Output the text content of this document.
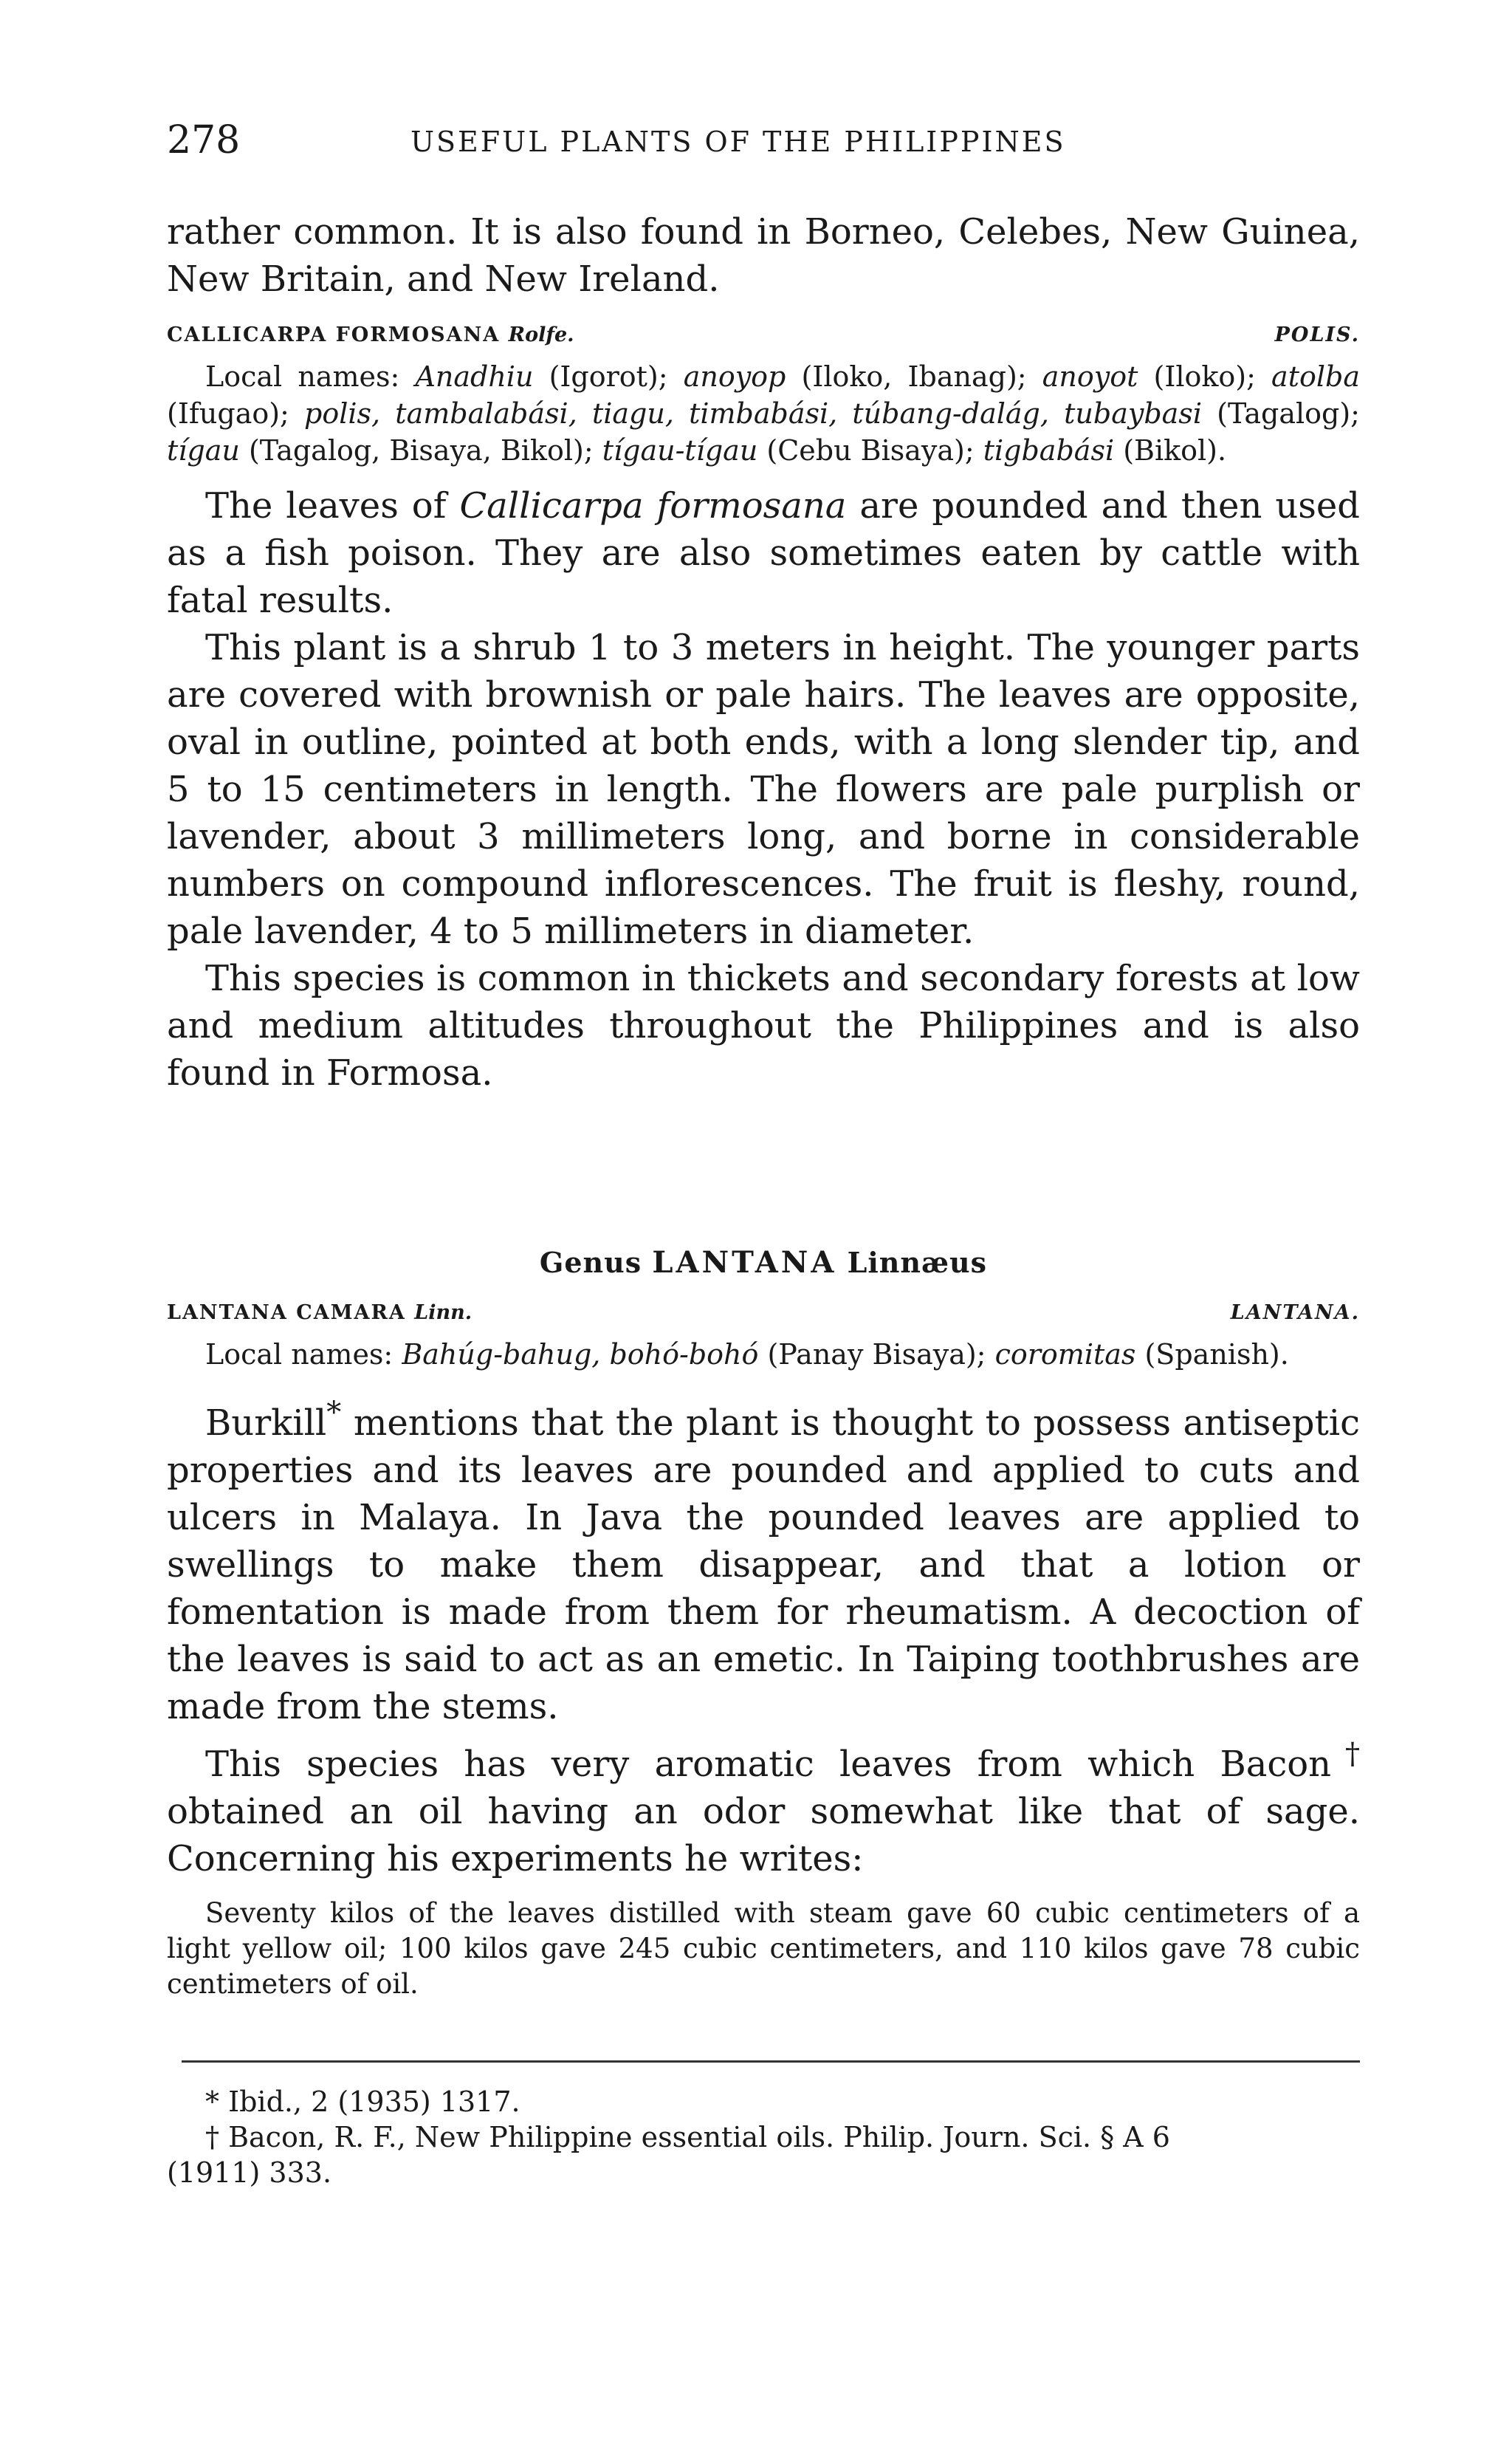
278	USEFUL PLANTS OF THE PHILIPPINES

rather common. It is also found in Borneo, Celebes, New Guinea, New Britain, and New Ireland.

CALLICARPA FORMOSANA Rolfe.	POLIS.

Local names: Anadhiu (Igorot); anoyop (Iloko, Ibanag); anoyot (Iloko); atolba (Ifugao); polis, tambalabási, tiagu, timbabási, túbang-dalág, tubaybasi (Tagalog); tígau (Tagalog, Bisaya, Bikol); tígau-tígau (Cebu Bisaya); tigbabási (Bikol).

The leaves of Callicarpa formosana are pounded and then used as a fish poison. They are also sometimes eaten by cattle with fatal results.

This plant is a shrub 1 to 3 meters in height. The younger parts are covered with brownish or pale hairs. The leaves are opposite, oval in outline, pointed at both ends, with a long slender tip, and 5 to 15 centimeters in length. The flowers are pale purplish or lavender, about 3 millimeters long, and borne in considerable numbers on compound inflorescences. The fruit is fleshy, round, pale lavender, 4 to 5 millimeters in diameter.

This species is common in thickets and secondary forests at low and medium altitudes throughout the Philippines and is also found in Formosa.

Genus LANTANA Linnæus
LANTANA CAMARA Linn.	LANTANA.

Local names: Bahúg-bahug, bohó-bohó (Panay Bisaya); coromitas (Spanish).

Burkill* mentions that the plant is thought to possess antiseptic properties and its leaves are pounded and applied to cuts and ulcers in Malaya. In Java the pounded leaves are applied to swellings to make them disappear, and that a lotion or fomentation is made from them for rheumatism. A decoction of the leaves is said to act as an emetic. In Taiping toothbrushes are made from the stems.

This species has very aromatic leaves from which Bacon† obtained an oil having an odor somewhat like that of sage. Concerning his experiments he writes:

Seventy kilos of the leaves distilled with steam gave 60 cubic centimeters of a light yellow oil; 100 kilos gave 245 cubic centimeters, and 110 kilos gave 78 cubic centimeters of oil.

* Ibid., 2 (1935) 1317.

† Bacon, R. F., New Philippine essential oils. Philip. Journ. Sci. § A 6

(1911) 333.
